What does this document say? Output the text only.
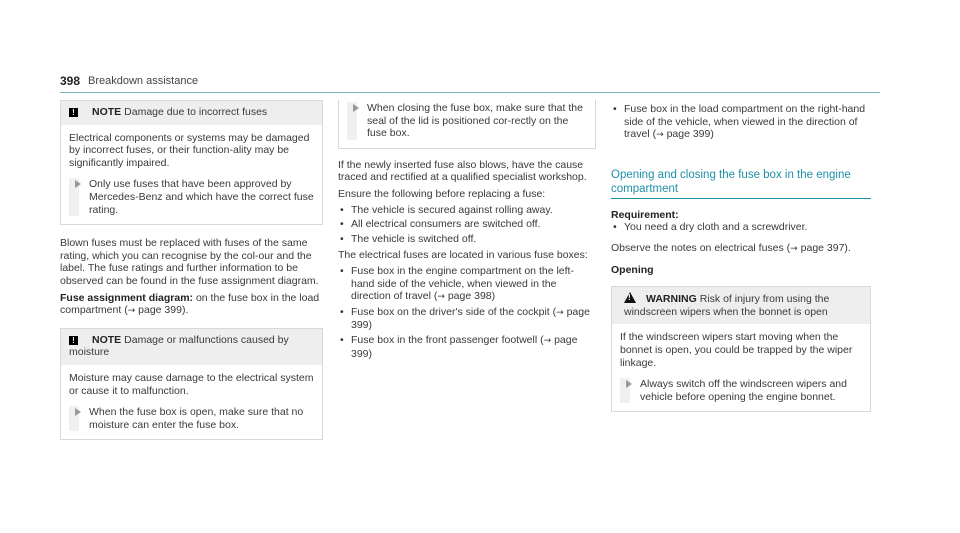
398 Breakdown assistance
! NOTE Damage due to incorrect fuses

Electrical components or systems may be damaged by incorrect fuses, or their function-ality may be significantly impaired.

Only use fuses that have been approved by Mercedes-Benz and which have the correct fuse rating.

Blown fuses must be replaced with fuses of the same rating, which you can recognise by the col-our and the label. The fuse ratings and further information to be observed can be found in the fuse assignment diagram.

Fuse assignment diagram: on the fuse box in the load compartment (→ page 399).

! NOTE Damage or malfunctions caused by moisture

Moisture may cause damage to the electrical system or cause it to malfunction.

When the fuse box is open, make sure that no moisture can enter the fuse box.

When closing the fuse box, make sure that the seal of the lid is positioned cor-rectly on the fuse box.

If the newly inserted fuse also blows, have the cause traced and rectified at a qualified specialist workshop.

Ensure the following before replacing a fuse:

• The vehicle is secured against rolling away.
• All electrical consumers are switched off.
• The vehicle is switched off.

The electrical fuses are located in various fuse boxes:

• Fuse box in the engine compartment on the left-hand side of the vehicle, when viewed in the direction of travel (→ page 398)
• Fuse box on the driver's side of the cockpit (→ page 399)
• Fuse box in the front passenger footwell (→ page 399)
• Fuse box in the load compartment on the right-hand side of the vehicle, when viewed in the direction of travel (→ page 399)
Opening and closing the fuse box in the engine compartment

Requirement:

• You need a dry cloth and a screwdriver.

Observe the notes on electrical fuses (→ page 397).

Opening

!WARNING Risk of injury from using the windscreen wipers when the bonnet is open

If the windscreen wipers start moving when the bonnet is open, you could be trapped by the wiper linkage.

Always switch off the windscreen wipers and vehicle before opening the engine bonnet.
